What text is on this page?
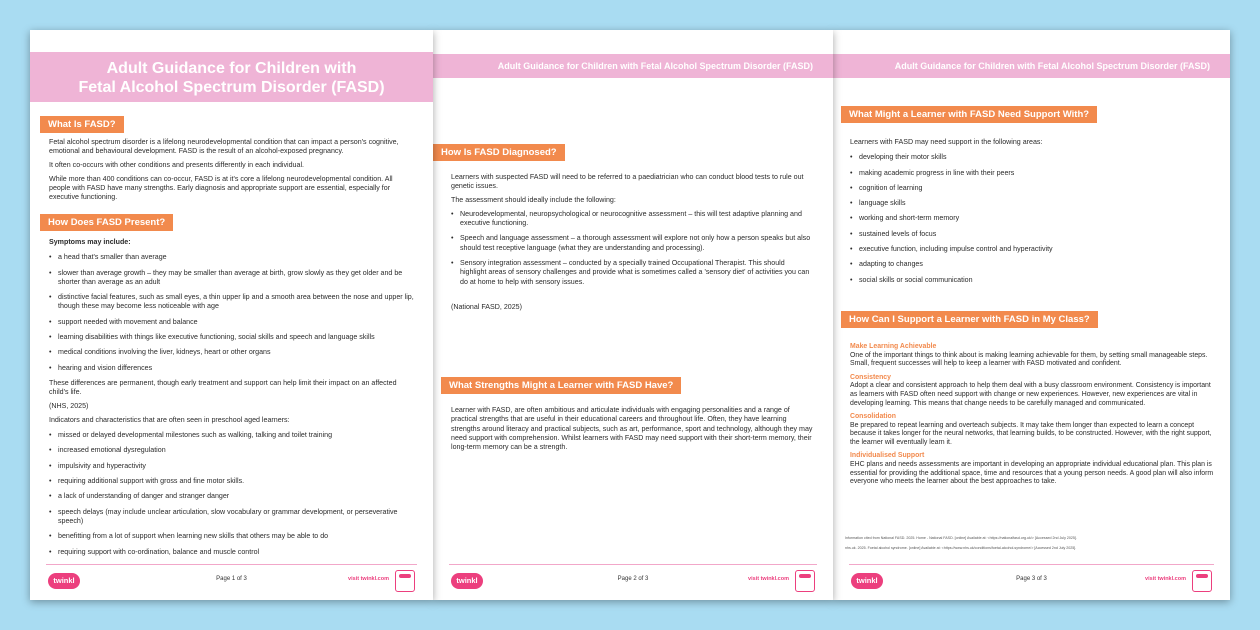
Adult Guidance for Children with Fetal Alcohol Spectrum Disorder (FASD)
What Might a Learner with FASD Need Support With?

Learners with FASD may need support in the following areas:

• developing their motor skills
• making academic progress in line with their peers
• cognition of learning
• language skills
• working and short-term memory
• sustained levels of focus
• executive function, including impulse control and hyperactivity
• adapting to changes
• social skills or social communication
How Can I Support a Learner with FASD in My Class?
Make Learning Achievable

One of the important things to think about is making learning achievable for them, by setting small manageable steps. Small, frequent successes will help to keep a learner with FASD motivated and confident.

Consistency

Adopt a clear and consistent approach to help them deal with a busy classroom environment. Consistency is important as learners with FASD often need support with change or new experiences. However, new experiences are vital in developing learning. This means that change needs to be carefully managed and communicated.

Consolidation

Be prepared to repeat learning and overteach subjects. It may take them longer than expected to learn a concept because it takes longer for the neural networks, that learning builds, to be constructed. However, with the right support, the learner will eventually learn it.

Individualised Support

EHC plans and needs assessments are important in developing an appropriate individual educational plan. This plan is essential for providing the additional space, time and resources that a young person needs. A good plan will also inform everyone who meets the learner about the best approaches to take.

Information cited from National FASD. 2025. Home - National FASD. [online] Available at: <https://nationalfasd.org.uk/> [Accessed 2nd July 2025].
nhs.uk. 2025. Foetal alcohol syndrome. [online] Available at: <https://www.nhs.uk/conditions/foetal-alcohol-syndrome/> [Accessed 2nd July 2025].
twinkl	Page 3 of 3	visit twinkl.com
Adult Guidance for Children with Fetal Alcohol Spectrum Disorder (FASD)
How Is FASD Diagnosed?

Learners with suspected FASD will need to be referred to a paediatrician who can conduct blood tests to rule out genetic issues.

The assessment should ideally include the following:

• Neurodevelopmental, neuropsychological or neurocognitive assessment – this will test adaptive planning and executive functioning.
• Speech and language assessment – a thorough assessment will explore not only how a person speaks but also should test receptive language (what they are understanding and processing).
• Sensory integration assessment – conducted by a specially trained Occupational Therapist. This should highlight areas of sensory challenges and provide what is sometimes called a 'sensory diet' of activities you can do at home to help with sensory issues.

(National FASD, 2025)

What Strengths Might a Learner with FASD Have?

Learner with FASD, are often ambitious and articulate individuals with engaging personalities and a range of practical strengths that are useful in their educational careers and throughout life. Often, they have learning strengths around literacy and practical subjects, such as art, performance, sport and technology, although they may need support with comprehension. Whilst learners with FASD may need support with their short-term memory, their long-term memory can be a strength.

twinkl	Page 2 of 3	visit twinkl.com
Adult Guidance for Children with
Fetal Alcohol Spectrum Disorder (FASD)
What Is FASD?

Fetal alcohol spectrum disorder is a lifelong neurodevelopmental condition that can impact a person's cognitive, emotional and behavioural development. FASD is the result of an alcohol-exposed pregnancy.

It often co-occurs with other conditions and presents differently in each individual.

While more than 400 conditions can co-occur, FASD is at it's core a lifelong neurodevelopmental condition. All people with FASD have many strengths. Early diagnosis and appropriate support are essential, especially for executive functioning.

How Does FASD Present?

Symptoms may include:

• a head that's smaller than average
• slower than average growth – they may be smaller than average at birth, grow slowly as they get older and be shorter than average as an adult
• distinctive facial features, such as small eyes, a thin upper lip and a smooth area between the nose and upper lip, though these may become less noticeable with age
• support needed with movement and balance
• learning disabilities with things like executive functioning, social skills and speech and language skills
• medical conditions involving the liver, kidneys, heart or other organs
• hearing and vision differences

These differences are permanent, though early treatment and support can help limit their impact on an affected child's life.

(NHS, 2025)

Indicators and characteristics that are often seen in preschool aged learners:

• missed or delayed developmental milestones such as walking, talking and toilet training
• increased emotional dysregulation
• impulsivity and hyperactivity
• requiring additional support with gross and fine motor skills.
• a lack of understanding of danger and stranger danger
• speech delays (may include unclear articulation, slow vocabulary or grammar development, or perseverative speech)
• benefitting from a lot of support when learning new skills that others may be able to do
• requiring support with co-ordination, balance and muscle control
twinkl	Page 1 of 3	visit twinkl.com
